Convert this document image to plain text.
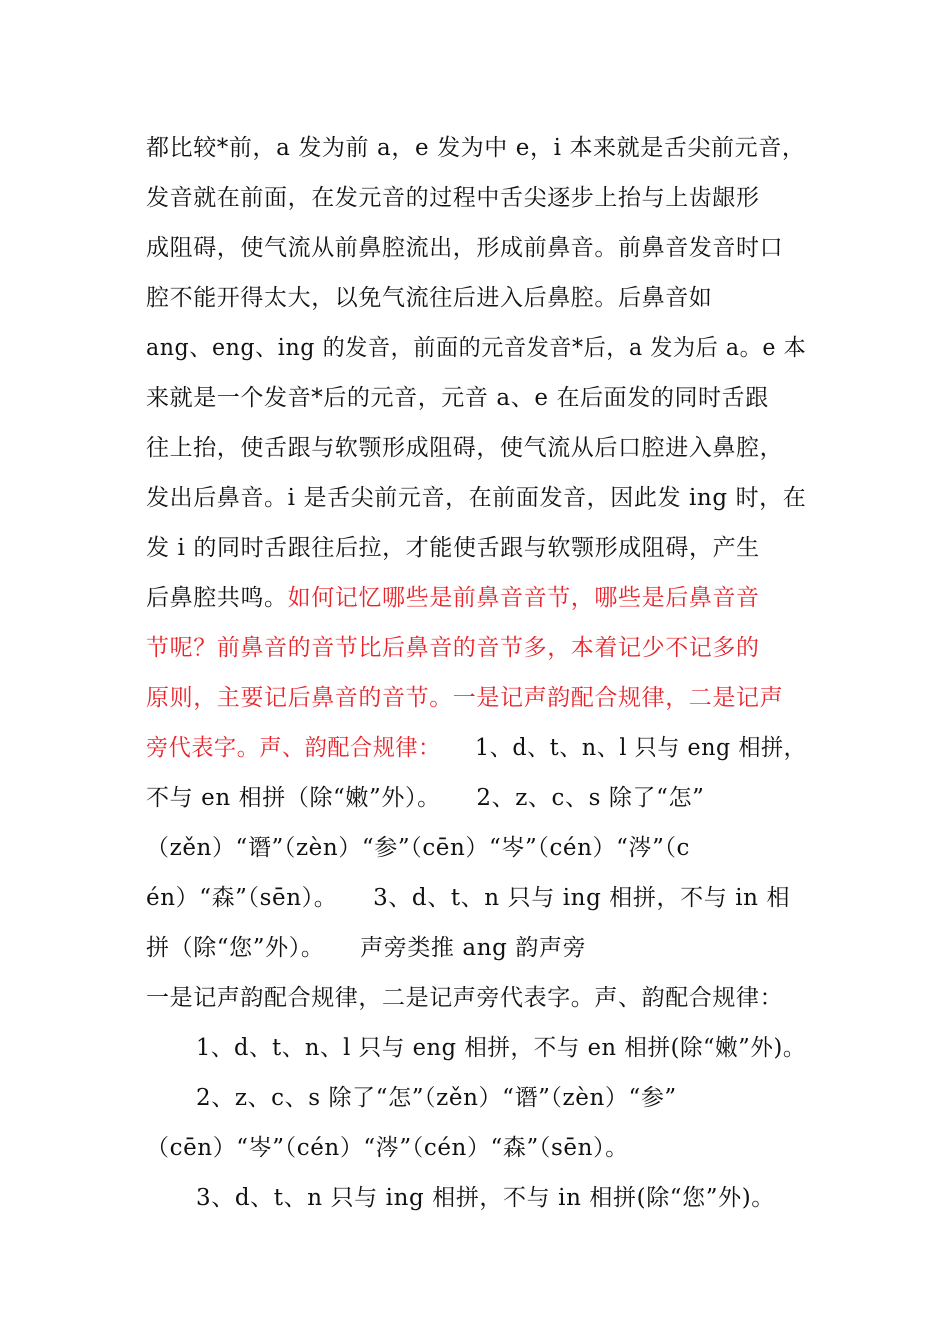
都比较*前，a 发为前 a，e 发为中 e，i 本来就是舌尖前元音，
发音就在前面，在发元音的过程中舌尖逐步上抬与上齿龈形
成阻碍，使气流从前鼻腔流出，形成前鼻音。前鼻音发音时口
腔不能开得太大，以免气流往后进入后鼻腔。后鼻音如
ang、eng、ing 的发音，前面的元音发音*后，a 发为后 a。e 本
来就是一个发音*后的元音，元音 a、e 在后面发的同时舌跟
往上抬，使舌跟与软颚形成阻碍，使气流从后口腔进入鼻腔，
发出后鼻音。i 是舌尖前元音，在前面发音，因此发 ing 时，在
发 i 的同时舌跟往后拉，才能使舌跟与软颚形成阻碍，产生
后鼻腔共鸣。如何记忆哪些是前鼻音音节，哪些是后鼻音音
节呢？前鼻音的音节比后鼻音的音节多，本着记少不记多的
原则，主要记后鼻音的音节。一是记声韵配合规律，二是记声
旁代表字。声、韵配合规律：　　1、d、t、n、l 只与 eng 相拼，
不与 en 相拼（除“嫩”外）。　　2、z、c、s 除了“怎”
（zěn）“谮”（zèn）“参”（cēn）“岑”（cén）“涔”（c
én）“森”（sēn）。　　3、d、t、n 只与 ing 相拼，不与 in 相
拼（除“您”外）。　　声旁类推 ang 韵声旁
一是记声韵配合规律，二是记声旁代表字。声、韵配合规律：
1、d、t、n、l 只与 eng 相拼，不与 en 相拼(除“嫩”外)。
2、z、c、s 除了“怎”（zěn）“谮”（zèn）“参”
（cēn）“岑”（cén）“涔”（cén）“森”（sēn）。
3、d、t、n 只与 ing 相拼，不与 in 相拼(除“您”外)。
